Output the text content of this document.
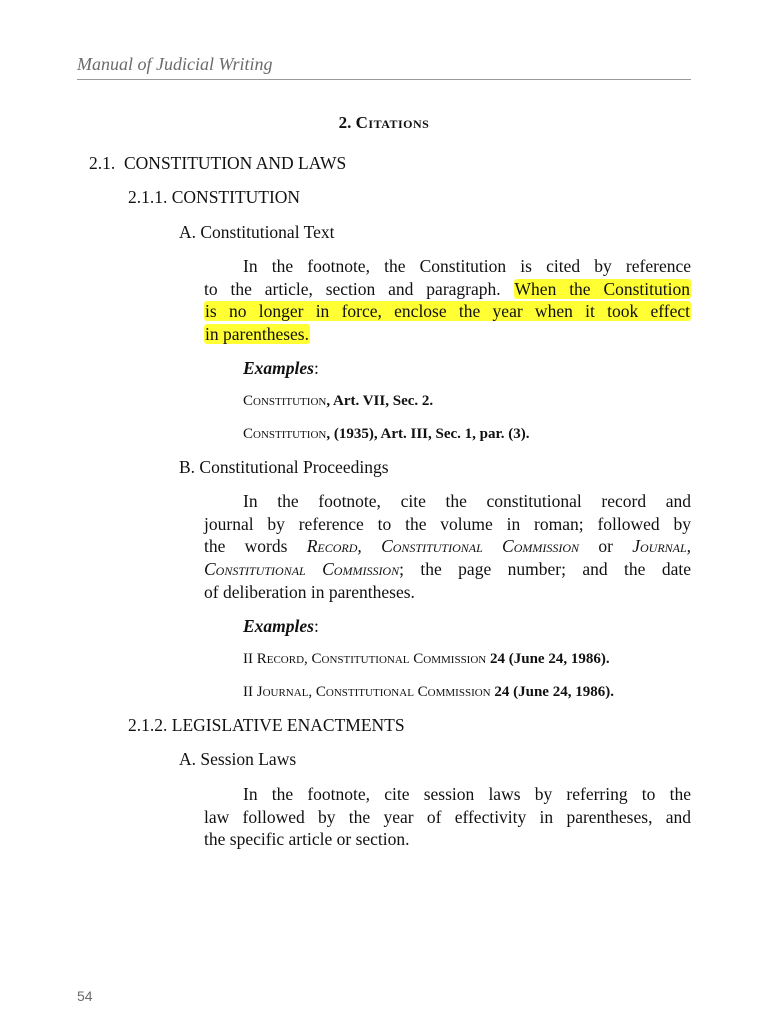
Manual of Judicial Writing
2. Citations
2.1.  CONSTITUTION AND LAWS
2.1.1. CONSTITUTION
A. Constitutional Text
In the footnote, the Constitution is cited by reference
to the article, section and paragraph. When the Constitution
is no longer in force, enclose the year when it took effect
in parentheses.
Examples:
Constitution, Art. VII, Sec. 2.
Constitution, (1935), Art. III, Sec. 1, par. (3).
B. Constitutional Proceedings
In the footnote, cite the constitutional record and
journal by reference to the volume in roman; followed by
the words Record, Constitutional Commission or Journal,
Constitutional Commission; the page number; and the date
of deliberation in parentheses.
Examples:
II Record, Constitutional Commission 24 (June 24, 1986).
II Journal, Constitutional Commission 24 (June 24, 1986).
2.1.2. LEGISLATIVE ENACTMENTS
A. Session Laws
In the footnote, cite session laws by referring to the
law followed by the year of effectivity in parentheses, and
the specific article or section.
54
